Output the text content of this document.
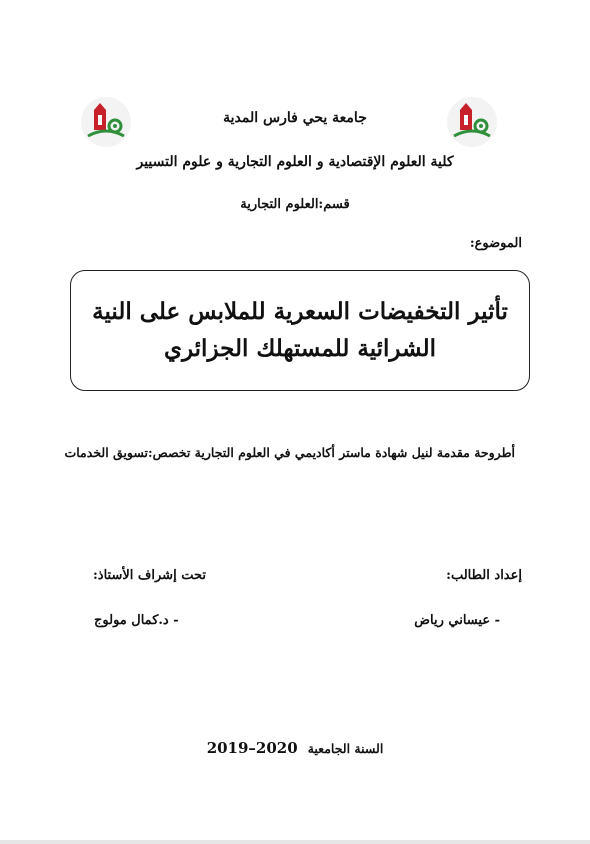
جامعة يحي فارس المدية
كلية العلوم الإقتصادية و العلوم التجارية و علوم التسيير
قسم:العلوم التجارية
الموضوع:
تأثير التخفيضات السعرية للملابس على النية
الشرائية للمستهلك الجزائري
أطروحة مقدمة لنيل شهادة ماستر أكاديمي في العلوم التجارية تخصص:تسويق الخدمات
إعداد الطالب:
تحت إشراف الأستاذ:
- عيساني رياض
- د.كمال مولوج
السنة الجامعية
2019–2020
